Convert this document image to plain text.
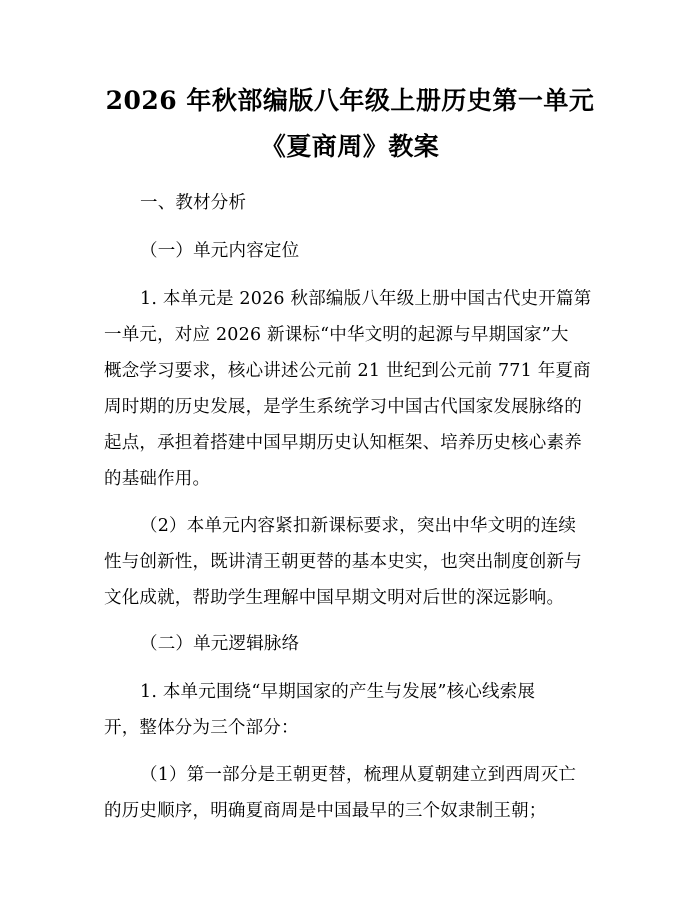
2026 年秋部编版八年级上册历史第一单元
《夏商周》教案
一、教材分析
（一）单元内容定位
1. 本单元是 2026 秋部编版八年级上册中国古代史开篇第
一单元，对应 2026 新课标“中华文明的起源与早期国家”大
概念学习要求，核心讲述公元前 21 世纪到公元前 771 年夏商
周时期的历史发展，是学生系统学习中国古代国家发展脉络的
起点，承担着搭建中国早期历史认知框架、培养历史核心素养
的基础作用。
（2）本单元内容紧扣新课标要求，突出中华文明的连续
性与创新性，既讲清王朝更替的基本史实，也突出制度创新与
文化成就，帮助学生理解中国早期文明对后世的深远影响。
（二）单元逻辑脉络
1. 本单元围绕“早期国家的产生与发展”核心线索展
开，整体分为三个部分：
（1）第一部分是王朝更替，梳理从夏朝建立到西周灭亡
的历史顺序，明确夏商周是中国最早的三个奴隶制王朝；
